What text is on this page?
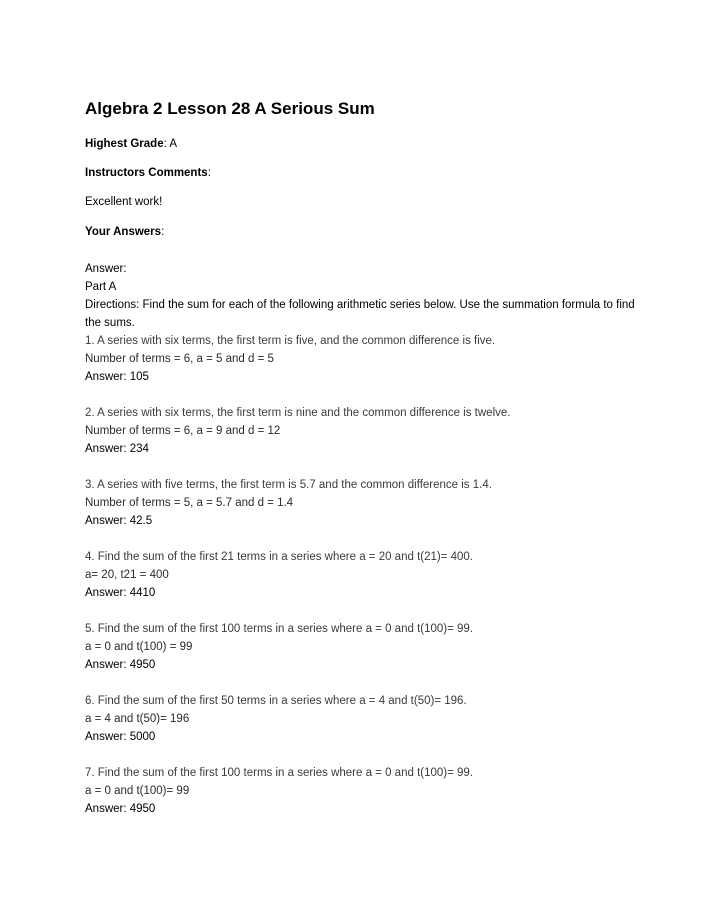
Algebra 2 Lesson 28 A Serious Sum

Highest Grade: A

Instructors Comments:

Excellent work!

Your Answers:

Answer:

Part A

Directions: Find the sum for each of the following arithmetic series below. Use the summation formula to find the sums.

1. A series with six terms, the first term is five, and the common difference is five.

Number of terms = 6, a = 5 and d = 5

Answer: 105

2. A series with six terms, the first term is nine and the common difference is twelve.

Number of terms = 6, a = 9 and d = 12

Answer: 234

3. A series with five terms, the first term is 5.7 and the common difference is 1.4.

Number of terms = 5, a = 5.7 and d = 1.4

Answer: 42.5

4. Find the sum of the first 21 terms in a series where a = 20 and t(21)= 400.

a= 20, t21 = 400

Answer: 4410

5. Find the sum of the first 100 terms in a series where a = 0 and t(100)= 99.

a = 0 and t(100) = 99

Answer: 4950

6. Find the sum of the first 50 terms in a series where a = 4 and t(50)= 196.

a = 4 and t(50)= 196

Answer: 5000

7. Find the sum of the first 100 terms in a series where a = 0 and t(100)= 99.

a = 0 and t(100)= 99

Answer: 4950
